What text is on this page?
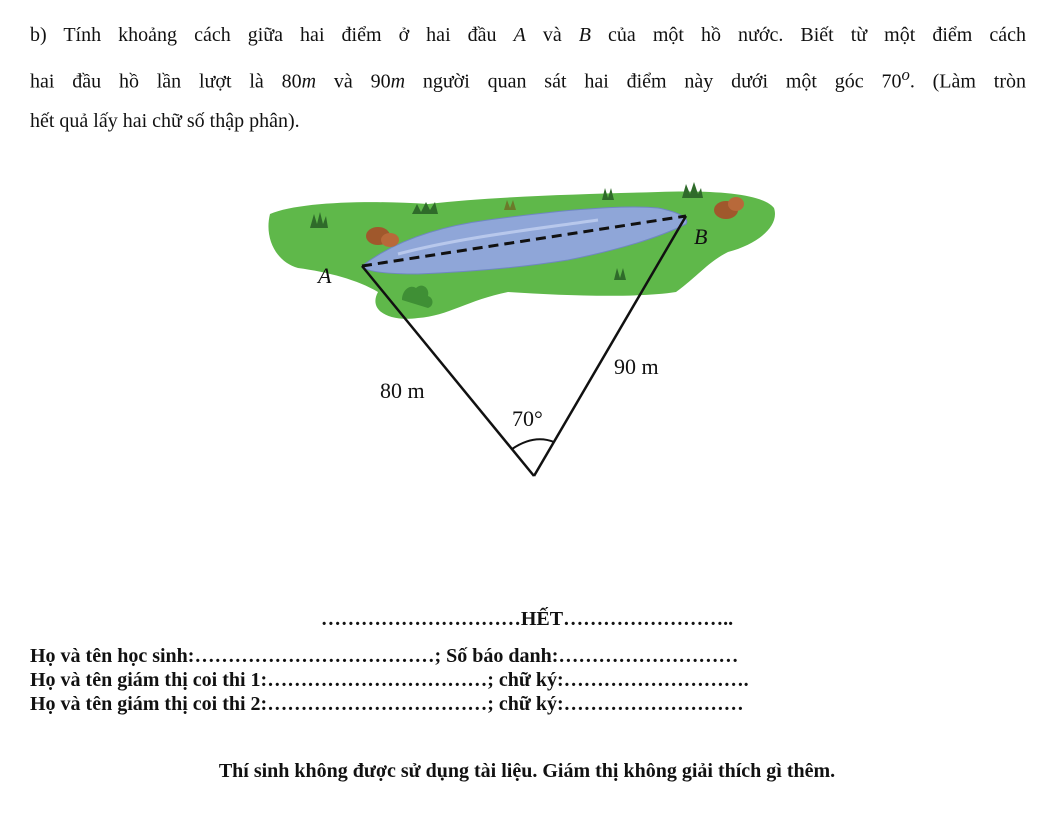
b) Tính khoảng cách giữa hai điểm ở hai đầu A và B của một hồ nước. Biết từ một điểm cách
hai đầu hồ lần lượt là 80m và 90m người quan sát hai điểm này dưới một góc 70$^o$. (Làm tròn
hết quả lấy hai chữ số thập phân).
A
B
80 m
90 m
70°
…………………………HẾT……………………..
Họ và tên học sinh:………………………………; Số báo danh:………………………
Họ và tên giám thị coi thi 1:……………………………; chữ ký:……………………….
Họ và tên giám thị coi thi 2:……………………………; chữ ký:………………………
Thí sinh không được sử dụng tài liệu. Giám thị không giải thích gì thêm.
